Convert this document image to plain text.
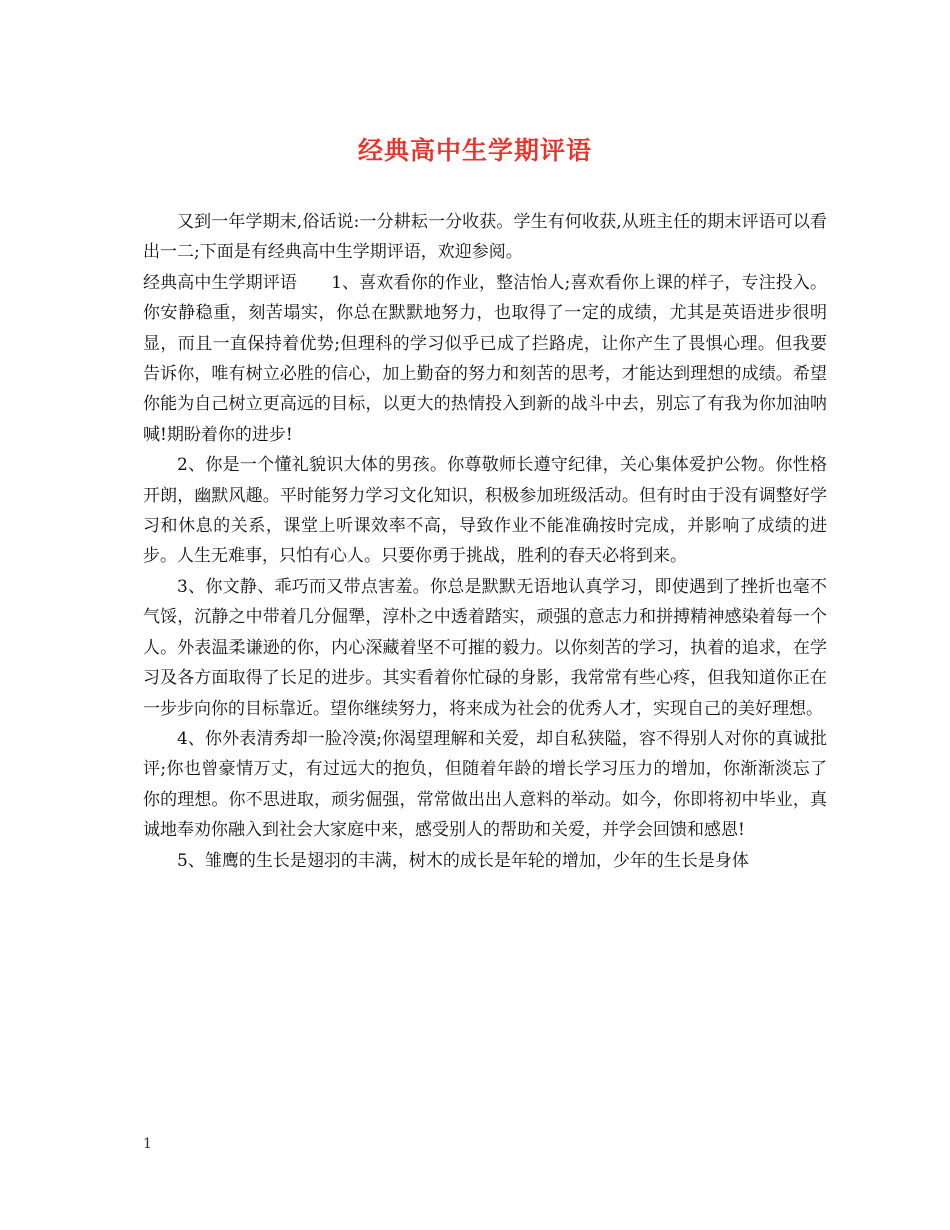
经典高中生学期评语

又到一年学期末,俗话说:一分耕耘一分收获。学生有何收获,从班主任的期末评语可以看出一二;下面是有经典高中生学期评语，欢迎参阅。

经典高中生学期评语　　1、喜欢看你的作业，整洁怡人;喜欢看你上课的样子，专注投入。你安静稳重，刻苦塌实，你总在默默地努力，也取得了一定的成绩，尤其是英语进步很明显，而且一直保持着优势;但理科的学习似乎已成了拦路虎，让你产生了畏惧心理。但我要告诉你，唯有树立必胜的信心，加上勤奋的努力和刻苦的思考，才能达到理想的成绩。希望你能为自己树立更高远的目标，以更大的热情投入到新的战斗中去，别忘了有我为你加油呐喊!期盼着你的进步!

2、你是一个懂礼貌识大体的男孩。你尊敬师长遵守纪律，关心集体爱护公物。你性格开朗，幽默风趣。平时能努力学习文化知识，积极参加班级活动。但有时由于没有调整好学习和休息的关系，课堂上听课效率不高，导致作业不能准确按时完成，并影响了成绩的进步。人生无难事，只怕有心人。只要你勇于挑战，胜利的春天必将到来。

3、你文静、乖巧而又带点害羞。你总是默默无语地认真学习，即使遇到了挫折也毫不气馁，沉静之中带着几分倔犟，淳朴之中透着踏实，顽强的意志力和拼搏精神感染着每一个人。外表温柔谦逊的你，内心深藏着坚不可摧的毅力。以你刻苦的学习，执着的追求，在学习及各方面取得了长足的进步。其实看着你忙碌的身影，我常常有些心疼，但我知道你正在一步步向你的目标靠近。望你继续努力，将来成为社会的优秀人才，实现自己的美好理想。

4、你外表清秀却一脸冷漠;你渴望理解和关爱，却自私狭隘，容不得别人对你的真诚批评;你也曾豪情万丈，有过远大的抱负，但随着年龄的增长学习压力的增加，你渐渐淡忘了你的理想。你不思进取，顽劣倔强，常常做出出人意料的举动。如今，你即将初中毕业，真诚地奉劝你融入到社会大家庭中来，感受别人的帮助和关爱，并学会回馈和感恩!

5、雏鹰的生长是翅羽的丰满，树木的成长是年轮的增加，少年的生长是身体

1
